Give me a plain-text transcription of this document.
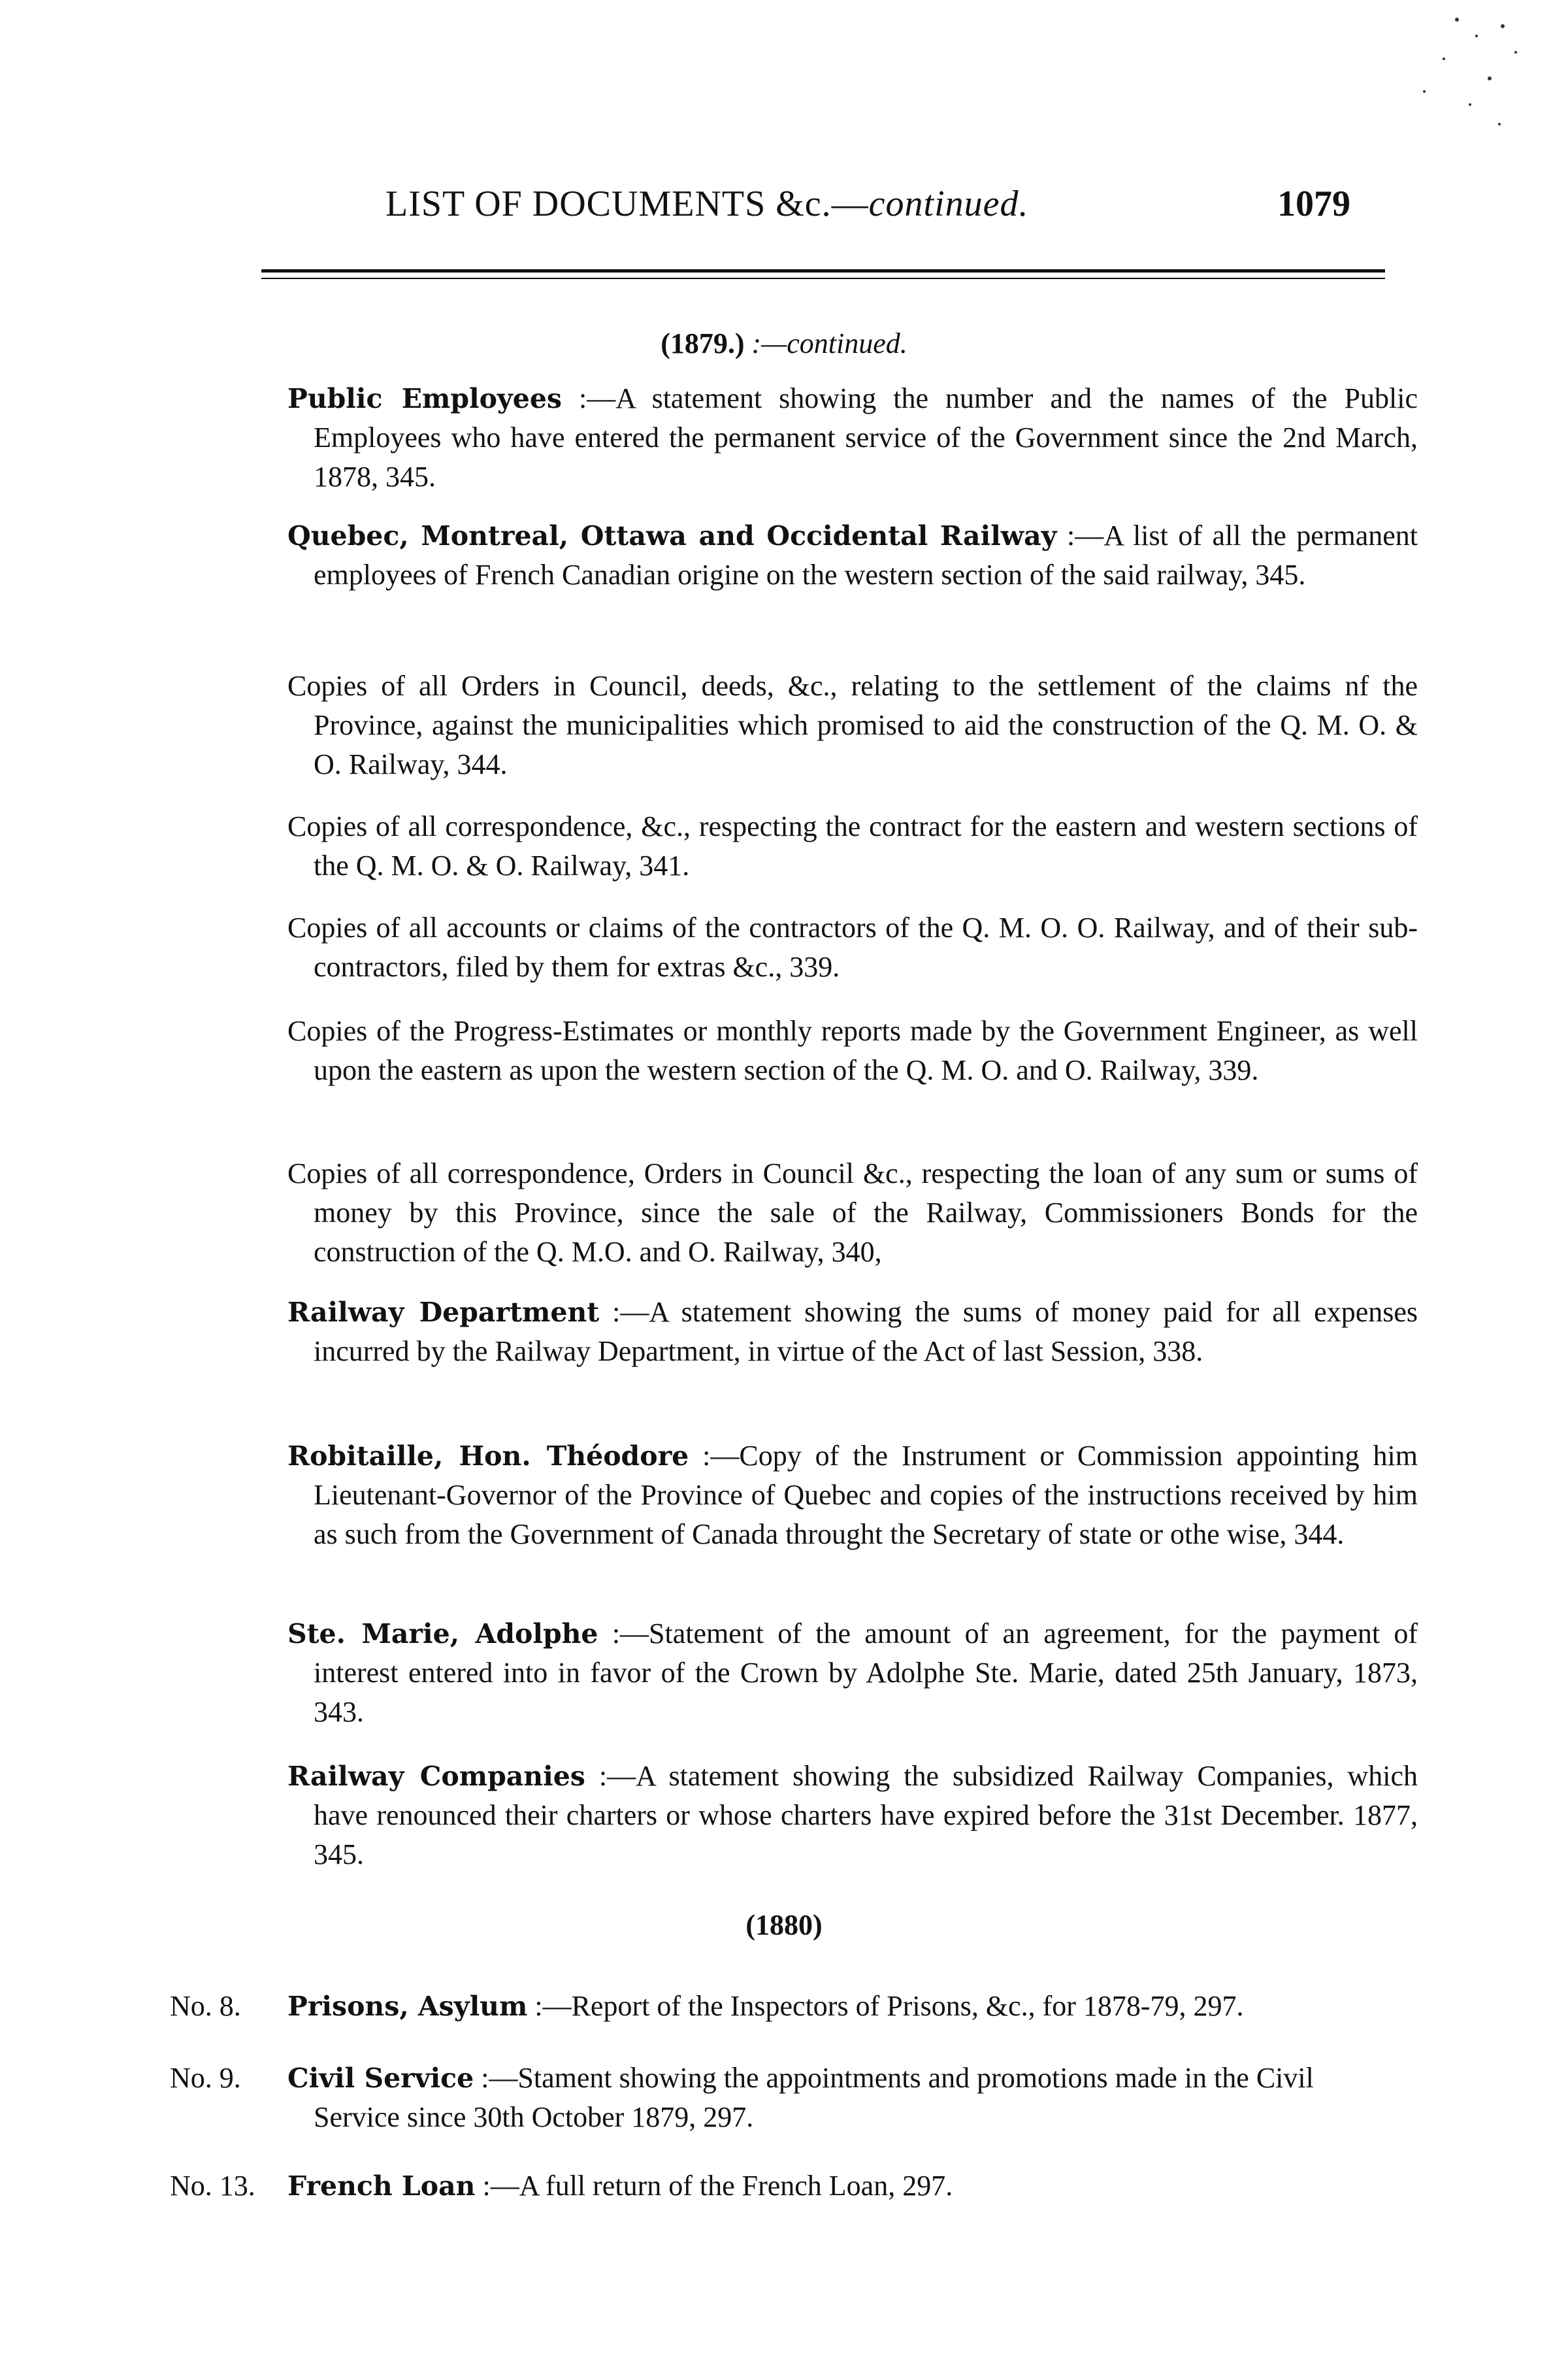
LIST OF DOCUMENTS &c.—continued.	1079
(1879.) :—continued.
Public Employees :—A statement showing the number and the names of the Public Employees who have entered the permanent service of the Government since the 2nd March, 1878, 345.
Quebec, Montreal, Ottawa and Occidental Railway :—A list of all the permanent employees of French Canadian origine on the western section of the said railway, 345.
Copies of all Orders in Council, deeds, &c., relating to the settlement of the claims nf the Province, against the municipalities which promised to aid the construction of the Q. M. O. & O. Railway, 344.
Copies of all correspondence, &c., respecting the contract for the eastern and western sections of the Q. M. O. & O. Railway, 341.
Copies of all accounts or claims of the contractors of the Q. M. O. O. Railway, and of their sub-contractors, filed by them for extras &c., 339.
Copies of the Progress-Estimates or monthly reports made by the Government Engineer, as well upon the eastern as upon the western section of the Q. M. O. and O. Railway, 339.
Copies of all correspondence, Orders in Council &c., respecting the loan of any sum or sums of money by this Province, since the sale of the Railway, Commissioners Bonds for the construction of the Q. M.O. and O. Railway, 340,
Railway Department :—A statement showing the sums of money paid for all expenses incurred by the Railway Department, in virtue of the Act of last Session, 338.
Robitaille, Hon. Théodore :—Copy of the Instrument or Commission appointing him Lieutenant-Governor of the Province of Quebec and copies of the instructions received by him as such from the Government of Canada throught the Secretary of state or othe wise, 344.
Ste. Marie, Adolphe :—Statement of the amount of an agreement, for the payment of interest entered into in favor of the Crown by Adolphe Ste. Marie, dated 25th January, 1873, 343.
Railway Companies :—A statement showing the subsidized Railway Companies, which have renounced their charters or whose charters have expired before the 31st December. 1877, 345.
(1880)
No. 8. Prisons, Asylum :—Report of the Inspectors of Prisons, &c., for 1878-79, 297.
No. 9. Civil Service :—Stament showing the appointments and promotions made in the Civil Service since 30th October 1879, 297.
No. 13. French Loan :—A full return of the French Loan, 297.
